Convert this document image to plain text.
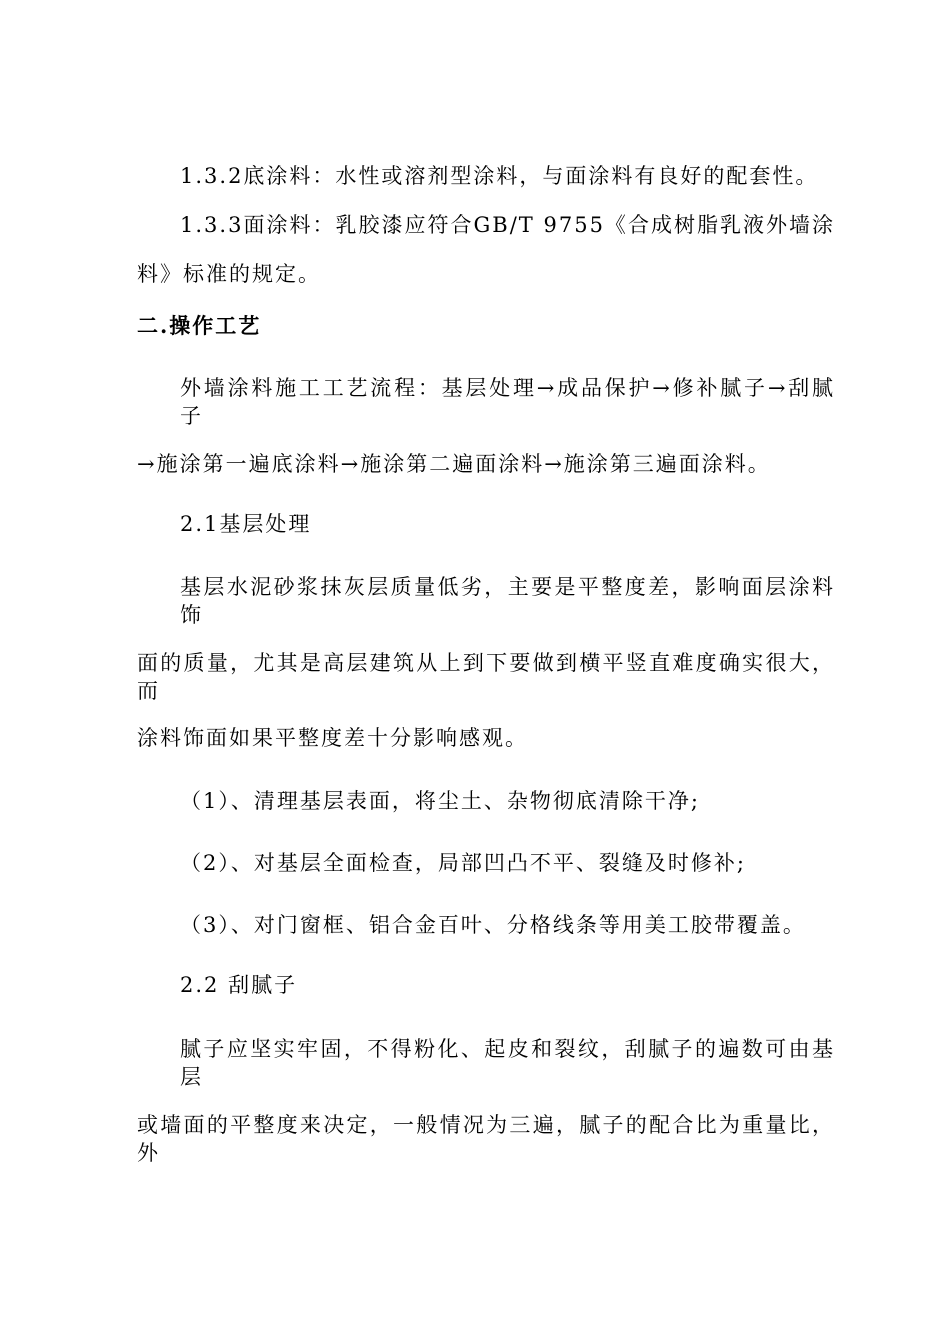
1.3.2底涂料：水性或溶剂型涂料，与面涂料有良好的配套性。
1.3.3面涂料：乳胶漆应符合GB/T 9755《合成树脂乳液外墙涂
料》标准的规定。
二.操作工艺
外墙涂料施工工艺流程：基层处理→成品保护→修补腻子→刮腻子
→施涂第一遍底涂料→施涂第二遍面涂料→施涂第三遍面涂料。
2.1基层处理
基层水泥砂浆抹灰层质量低劣，主要是平整度差，影响面层涂料饰
面的质量，尤其是高层建筑从上到下要做到横平竖直难度确实很大，而
涂料饰面如果平整度差十分影响感观。
（1）、清理基层表面，将尘土、杂物彻底清除干净;
（2）、对基层全面检查，局部凹凸不平、裂缝及时修补;
（3）、对门窗框、铝合金百叶、分格线条等用美工胶带覆盖。
2.2 刮腻子
腻子应坚实牢固，不得粉化、起皮和裂纹，刮腻子的遍数可由基层
或墙面的平整度来决定，一般情况为三遍，腻子的配合比为重量比，外
